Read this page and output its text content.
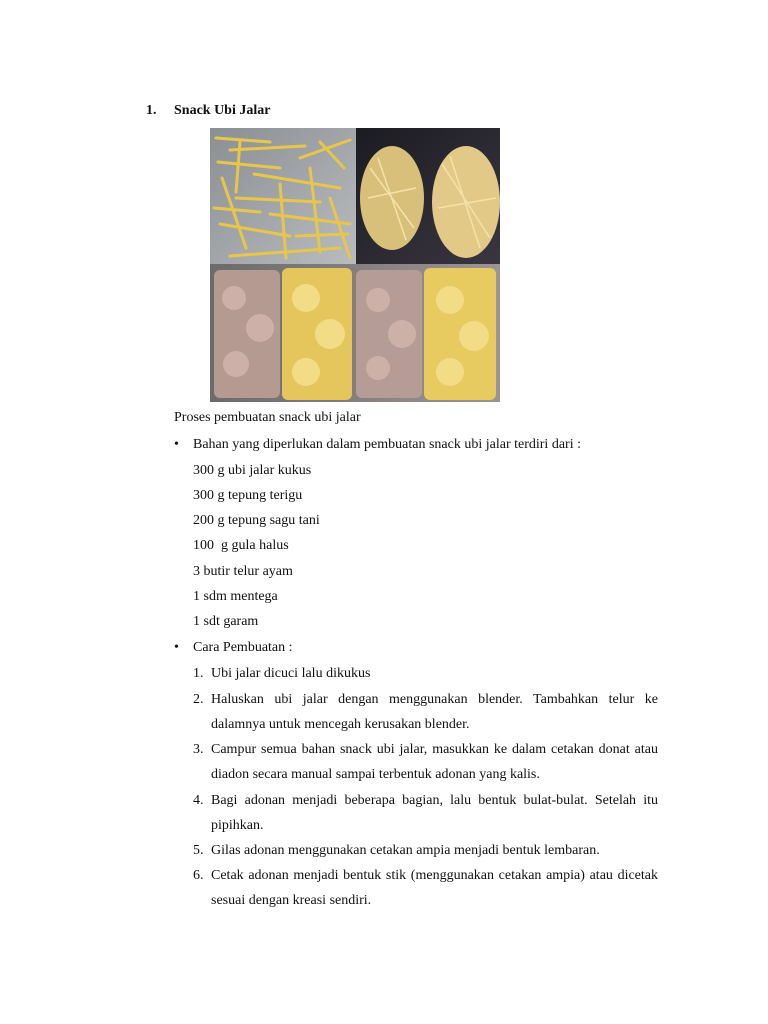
1. Snack Ubi Jalar
Proses pembuatan snack ubi jalar
• Bahan yang diperlukan dalam pembuatan snack ubi jalar terdiri dari :
300 g ubi jalar kukus
300 g tepung terigu
200 g tepung sagu tani
100  g gula halus
3 butir telur ayam
1 sdm mentega
1 sdt garam
• Cara Pembuatan :
1. Ubi jalar dicuci lalu dikukus
2. Haluskan ubi jalar dengan menggunakan blender. Tambahkan telur ke dalamnya untuk mencegah kerusakan blender.
3. Campur semua bahan snack ubi jalar, masukkan ke dalam cetakan donat atau diadon secara manual sampai terbentuk adonan yang kalis.
4. Bagi adonan menjadi beberapa bagian, lalu bentuk bulat-bulat. Setelah itu pipihkan.
5. Gilas adonan menggunakan cetakan ampia menjadi bentuk lembaran.
6. Cetak adonan menjadi bentuk stik (menggunakan cetakan ampia) atau dicetak sesuai dengan kreasi sendiri.
